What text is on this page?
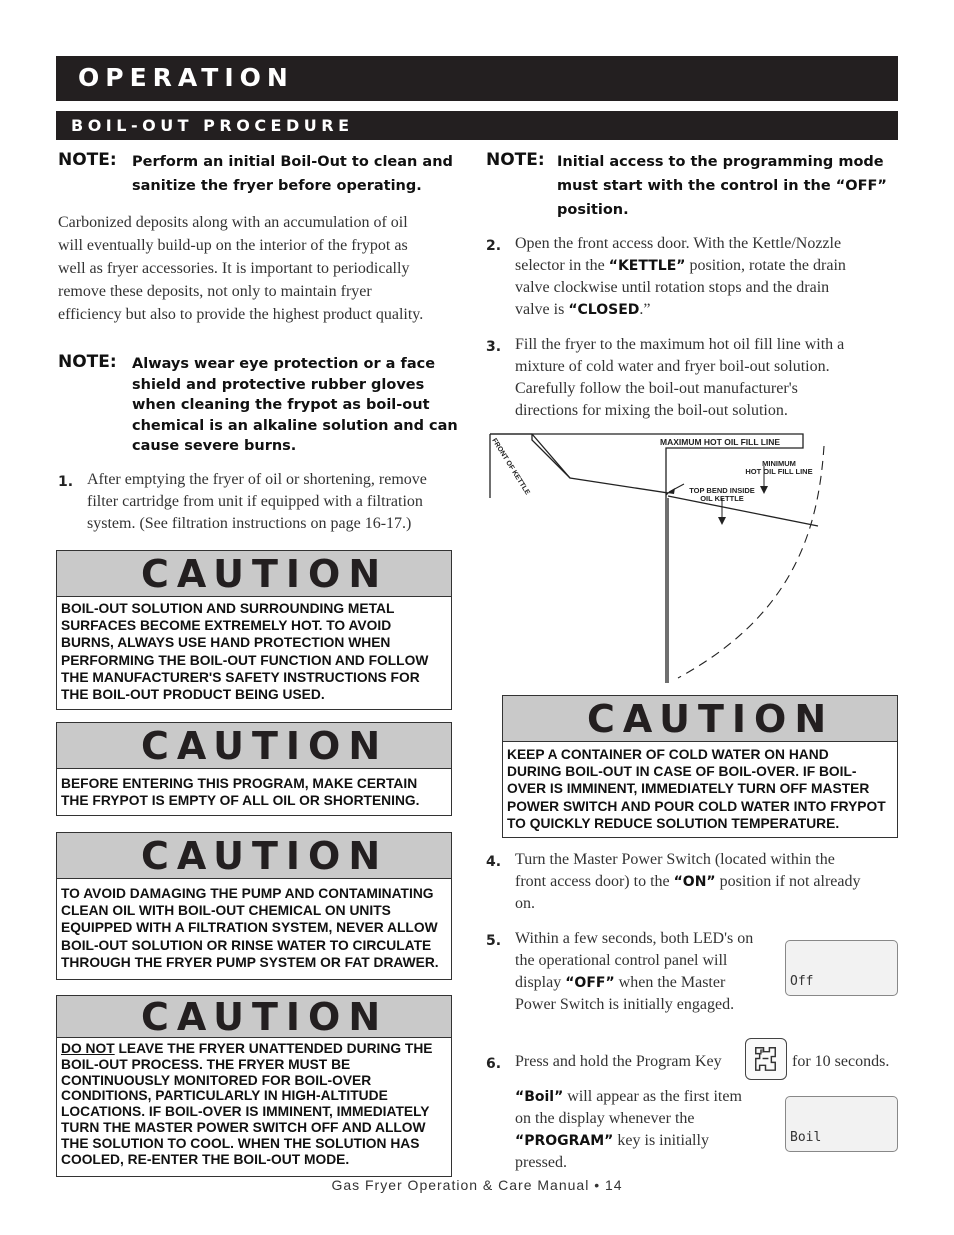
OPERATION
BOIL-OUT PROCEDURE
NOTE: Perform an initial Boil-Out to clean and
sanitize the fryer before operating.
Carbonized deposits along with an accumulation of oil
will eventually build-up on the interior of the frypot as
well as fryer accessories. It is important to periodically
remove these deposits, not only to maintain fryer
efficiency but also to provide the highest product quality.
NOTE: Always wear eye protection or a face
shield and protective rubber gloves
when cleaning the frypot as boil-out
chemical is an alkaline solution and can
cause severe burns.
1. After emptying the fryer of oil or shortening, remove
filter cartridge from unit if equipped with a filtration
system. (See filtration instructions on page 16-17.)
CAUTION
BOIL-OUT SOLUTION AND SURROUNDING METAL
SURFACES BECOME EXTREMELY HOT. TO AVOID
BURNS, ALWAYS USE HAND PROTECTION WHEN
PERFORMING THE BOIL-OUT FUNCTION AND FOLLOW
THE MANUFACTURER'S SAFETY INSTRUCTIONS FOR
THE BOIL-OUT PRODUCT BEING USED.
CAUTION
BEFORE ENTERING THIS PROGRAM, MAKE CERTAIN
THE FRYPOT IS EMPTY OF ALL OIL OR SHORTENING.
CAUTION
TO AVOID DAMAGING THE PUMP AND CONTAMINATING
CLEAN OIL WITH BOIL-OUT CHEMICAL ON UNITS
EQUIPPED WITH A FILTRATION SYSTEM, NEVER ALLOW
BOIL-OUT SOLUTION OR RINSE WATER TO CIRCULATE
THROUGH THE FRYER PUMP SYSTEM OR FAT DRAWER.
CAUTION
DO NOT LEAVE THE FRYER UNATTENDED DURING THE
BOIL-OUT PROCESS. THE FRYER MUST BE
CONTINUOUSLY MONITORED FOR BOIL-OVER
CONDITIONS, PARTICULARLY IN HIGH-ALTITUDE
LOCATIONS. IF BOIL-OVER IS IMMINENT, IMMEDIATELY
TURN THE MASTER POWER SWITCH OFF AND ALLOW
THE SOLUTION TO COOL. WHEN THE SOLUTION HAS
COOLED, RE-ENTER THE BOIL-OUT MODE.
NOTE: Initial access to the programming mode
must start with the control in the “OFF”
position.
2. Open the front access door. With the Kettle/Nozzle
selector in the “KETTLE” position, rotate the drain
valve clockwise until rotation stops and the drain
valve is “CLOSED.”
3. Fill the fryer to the maximum hot oil fill line with a
mixture of cold water and fryer boil-out solution.
Carefully follow the boil-out manufacturer's
directions for mixing the boil-out solution.
MAXIMUM HOT OIL FILL LINE
MINIMUM
HOT OIL FILL LINE
TOP BEND INSIDE
OIL KETTLE
FRONT OF KETTLE
CAUTION
KEEP A CONTAINER OF COLD WATER ON HAND
DURING BOIL-OUT IN CASE OF BOIL-OVER. IF BOIL-
OVER IS IMMINENT, IMMEDIATELY TURN OFF MASTER
POWER SWITCH AND POUR COLD WATER INTO FRYPOT
TO QUICKLY REDUCE SOLUTION TEMPERATURE.
4. Turn the Master Power Switch (located within the
front access door) to the “ON” position if not already
on.
5. Within a few seconds, both LED's on
the operational control panel will
display “OFF” when the Master
Power Switch is initially engaged.
Off
6. Press and hold the Program Key	for 10 seconds.
P
“Boil” will appear as the first item
on the display whenever the
“PROGRAM” key is initially
pressed.
Boil
Gas Fryer Operation & Care Manual • 14
